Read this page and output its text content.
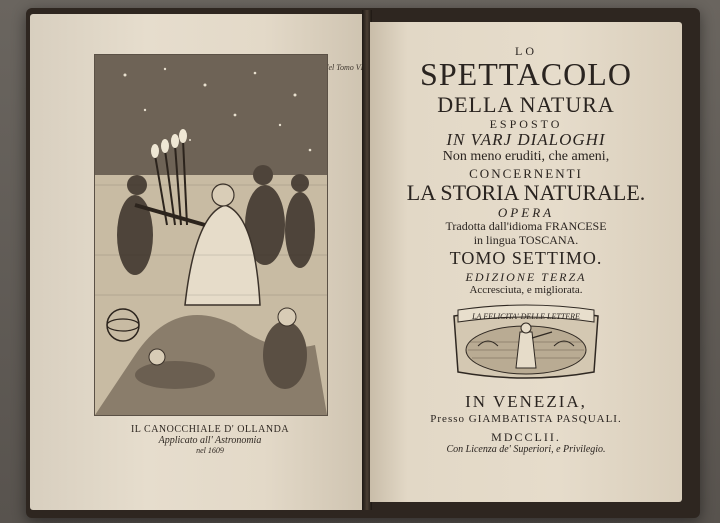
del Tomo V
IL CANOCCHIALE D' OLLANDA
Applicato all' Astronomia
nel 1609
LO
SPETTACOLO
DELLA NATURA
ESPOSTO
IN VARJ DIALOGHI
Non meno eruditi, che ameni,
CONCERNENTI
LA STORIA NATURALE.
OPERA
Tradotta dall'idioma FRANCESE
in lingua TOSCANA.
TOMO SETTIMO.
EDIZIONE TERZA
Accresciuta, e migliorata.
LA FELICITA' DELLE LETTERE
IN VENEZIA,
Presso GIAMBATISTA PASQUALI.
MDCCLII.
Con Licenza de' Superiori, e Privilegio.
